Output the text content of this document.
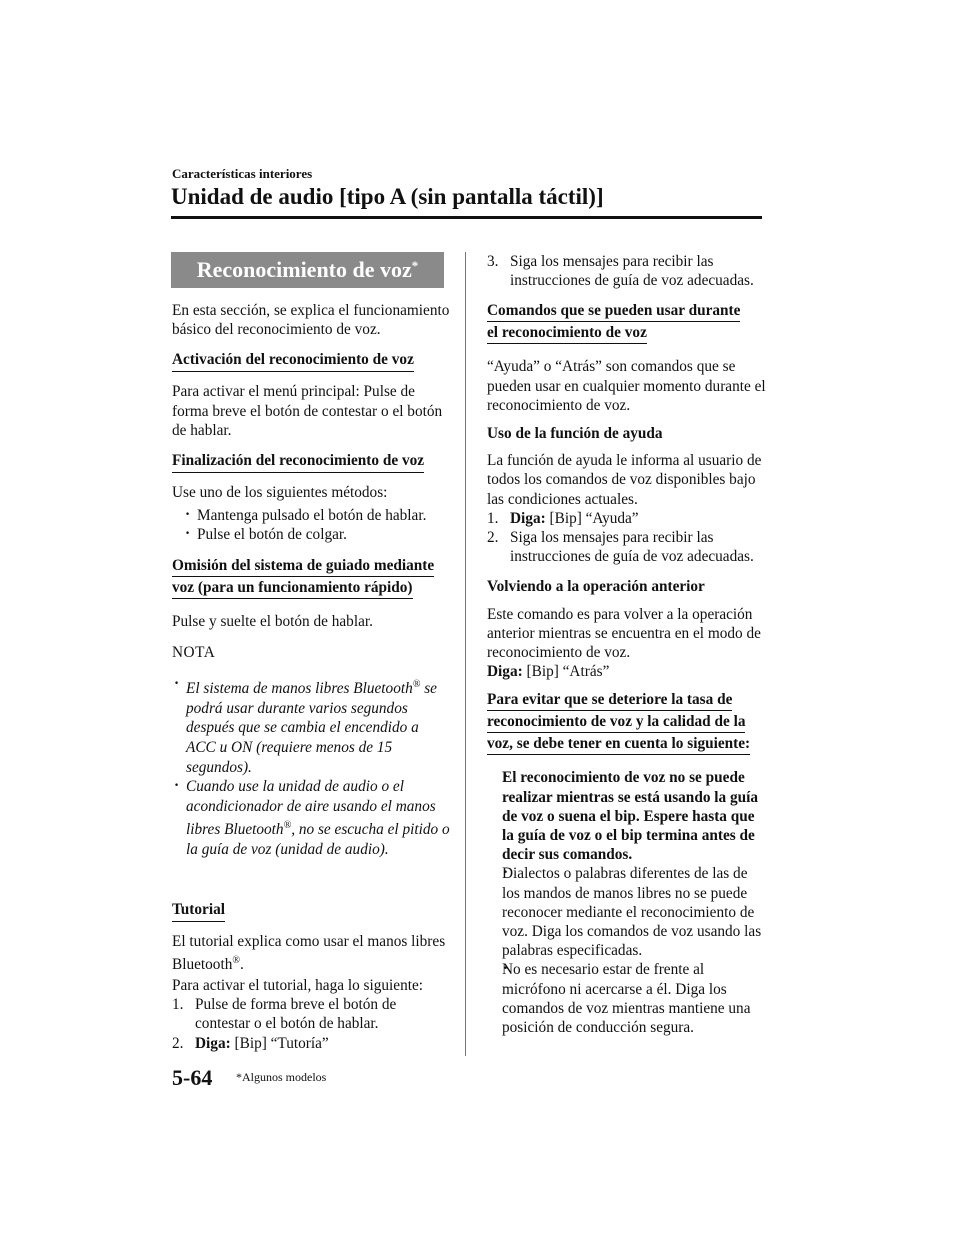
Características interiores
Unidad de audio [tipo A (sin pantalla táctil)]
Reconocimiento de voz*

En esta sección, se explica el funcionamiento básico del reconocimiento de voz.

Activación del reconocimiento de voz

Para activar el menú principal: Pulse de forma breve el botón de contestar o el botón de hablar.

Finalización del reconocimiento de voz

Use uno de los siguientes métodos:

· Mantenga pulsado el botón de hablar.
· Pulse el botón de colgar.
Omisión del sistema de guiado mediante
voz (para un funcionamiento rápido)

Pulse y suelte el botón de hablar.

NOTA
· El sistema de manos libres Bluetooth® se podrá usar durante varios segundos después que se cambia el encendido a ACC u ON (requiere menos de 15 segundos).
· Cuando use la unidad de audio o el acondicionador de aire usando el manos libres Bluetooth®, no se escucha el pitido o la guía de voz (unidad de audio).
Tutorial

El tutorial explica como usar el manos libres Bluetooth®.

Para activar el tutorial, haga lo siguiente:

1. Pulse de forma breve el botón de contestar o el botón de hablar.
2. Diga: [Bip] “Tutoría”
3. Siga los mensajes para recibir las instrucciones de guía de voz adecuadas.
Comandos que se pueden usar durante
el reconocimiento de voz

“Ayuda” o “Atrás” son comandos que se pueden usar en cualquier momento durante el reconocimiento de voz.

Uso de la función de ayuda

La función de ayuda le informa al usuario de todos los comandos de voz disponibles bajo las condiciones actuales.

1. Diga: [Bip] “Ayuda”
2. Siga los mensajes para recibir las instrucciones de guía de voz adecuadas.
Volviendo a la operación anterior

Este comando es para volver a la operación anterior mientras se encuentra en el modo de reconocimiento de voz.

Diga: [Bip] “Atrás”

Para evitar que se deteriore la tasa de
reconocimiento de voz y la calidad de la
voz, se debe tener en cuenta lo siguiente:
· El reconocimiento de voz no se puede realizar mientras se está usando la guía de voz o suena el bip. Espere hasta que la guía de voz o el bip termina antes de decir sus comandos.
· Dialectos o palabras diferentes de las de los mandos de manos libres no se puede reconocer mediante el reconocimiento de voz. Diga los comandos de voz usando las palabras especificadas.
· No es necesario estar de frente al micrófono ni acercarse a él. Diga los comandos de voz mientras mantiene una posición de conducción segura.
5-64 *Algunos modelos
